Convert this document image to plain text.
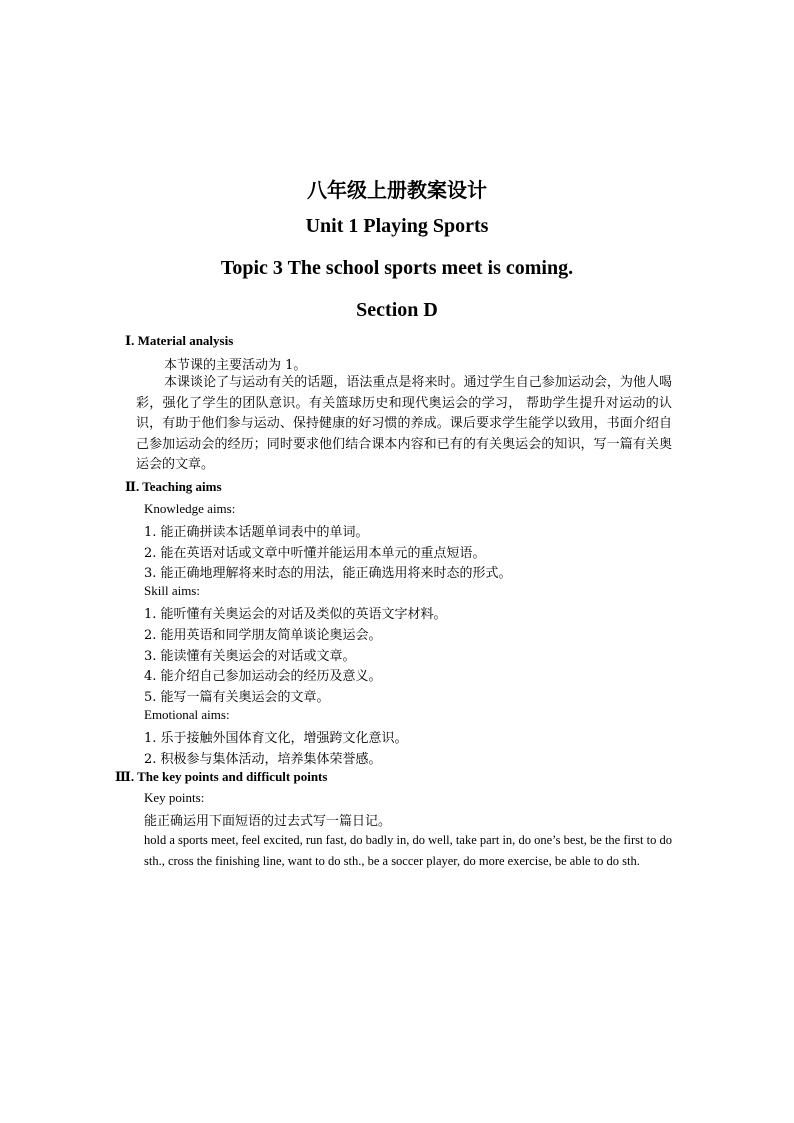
八年级上册教案设计
Unit 1 Playing Sports
Topic 3 The school sports meet is coming.
Section D
Ⅰ. Material analysis
本节课的主要活动为 1。
本课谈论了与运动有关的话题，语法重点是将来时。通过学生自己参加运动会，为他人喝彩，强化了学生的团队意识。有关篮球历史和现代奥运会的学习， 帮助学生提升对运动的认识，有助于他们参与运动、保持健康的好习惯的养成。课后要求学生能学以致用，书面介绍自己参加运动会的经历；同时要求他们结合课本内容和已有的有关奥运会的知识，写一篇有关奥运会的文章。
Ⅱ. Teaching aims
Knowledge aims:
1. 能正确拼读本话题单词表中的单词。
2. 能在英语对话或文章中听懂并能运用本单元的重点短语。
3. 能正确地理解将来时态的用法，能正确选用将来时态的形式。
Skill aims:
1. 能听懂有关奥运会的对话及类似的英语文字材料。
2. 能用英语和同学朋友简单谈论奥运会。
3. 能读懂有关奥运会的对话或文章。
4. 能介绍自己参加运动会的经历及意义。
5. 能写一篇有关奥运会的文章。
Emotional aims:
1. 乐于接触外国体育文化，增强跨文化意识。
2. 积极参与集体活动，培养集体荣誉感。
Ⅲ. The key points and difficult points
Key points:
能正确运用下面短语的过去式写一篇日记。
hold a sports meet, feel excited, run fast, do badly in, do well, take part in, do one’s best, be the first to do sth., cross the finishing line, want to do sth., be a soccer player, do more exercise, be able to do sth.
